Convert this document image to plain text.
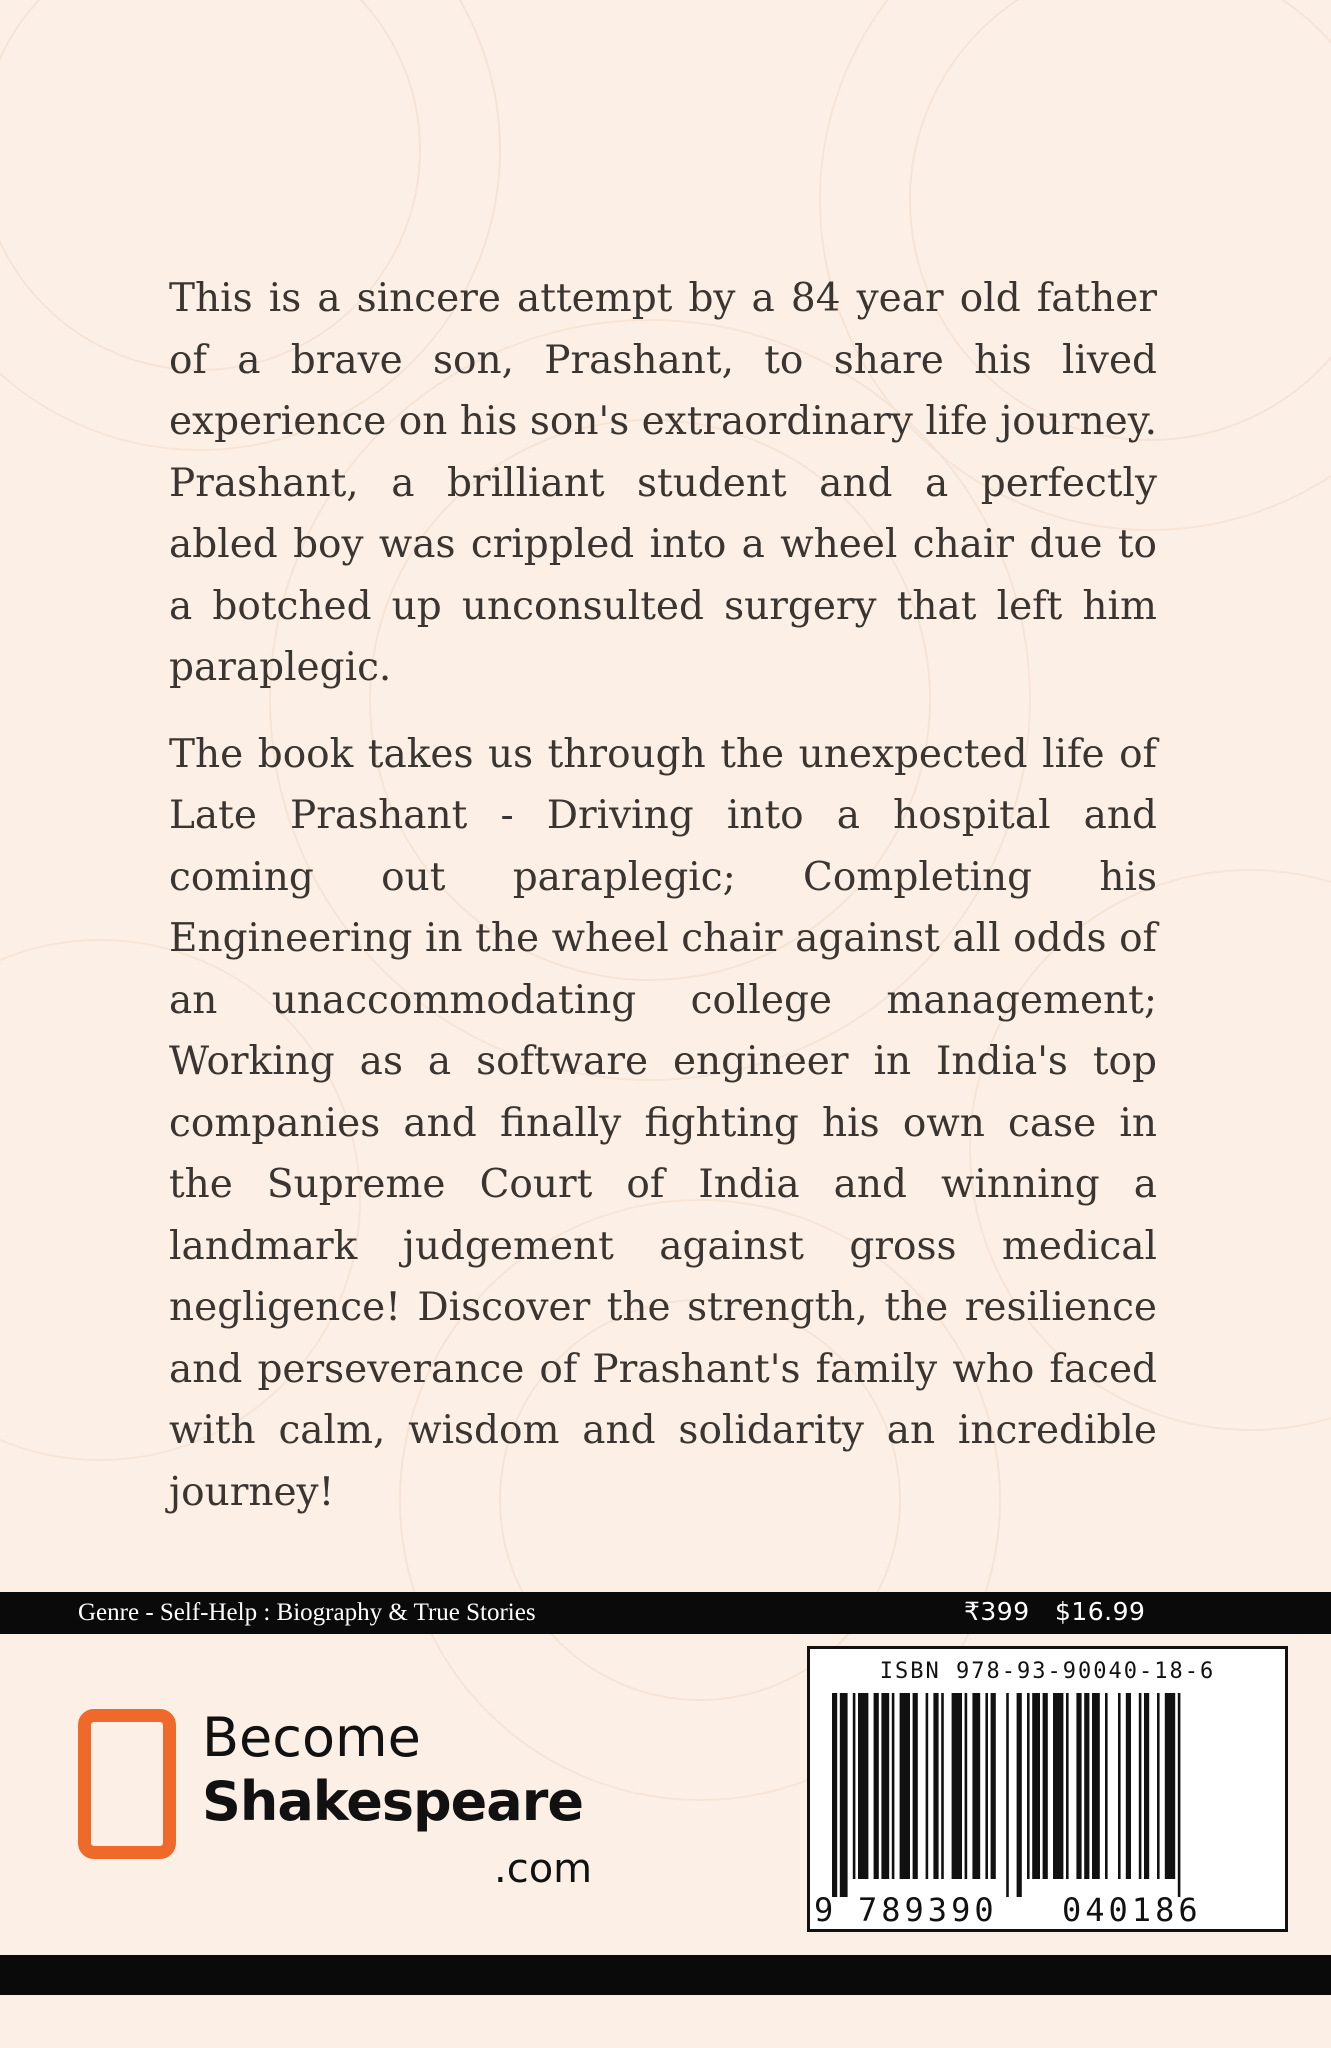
This is a sincere attempt by a 84 year old father of a brave son, Prashant, to share his lived experience on his son's extraordinary life journey. Prashant, a brilliant student and a perfectly abled boy was crippled into a wheel chair due to a botched up unconsulted surgery that left him paraplegic.

The book takes us through the unexpected life of Late Prashant - Driving into a hospital and coming out paraplegic; Completing his Engineering in the wheel chair against all odds of an unaccommodating college management; Working as a software engineer in India's top companies and finally fighting his own case in the Supreme Court of India and winning a landmark judgement against gross medical negligence! Discover the strength, the resilience and perseverance of Prashant's family who faced with calm, wisdom and solidarity an incredible journey!

Genre - Self-Help : Biography & True Stories	₹399   $16.99
Become
Shakespeare
.com
ISBN 978-93-90040-18-6
9 789390 040186
